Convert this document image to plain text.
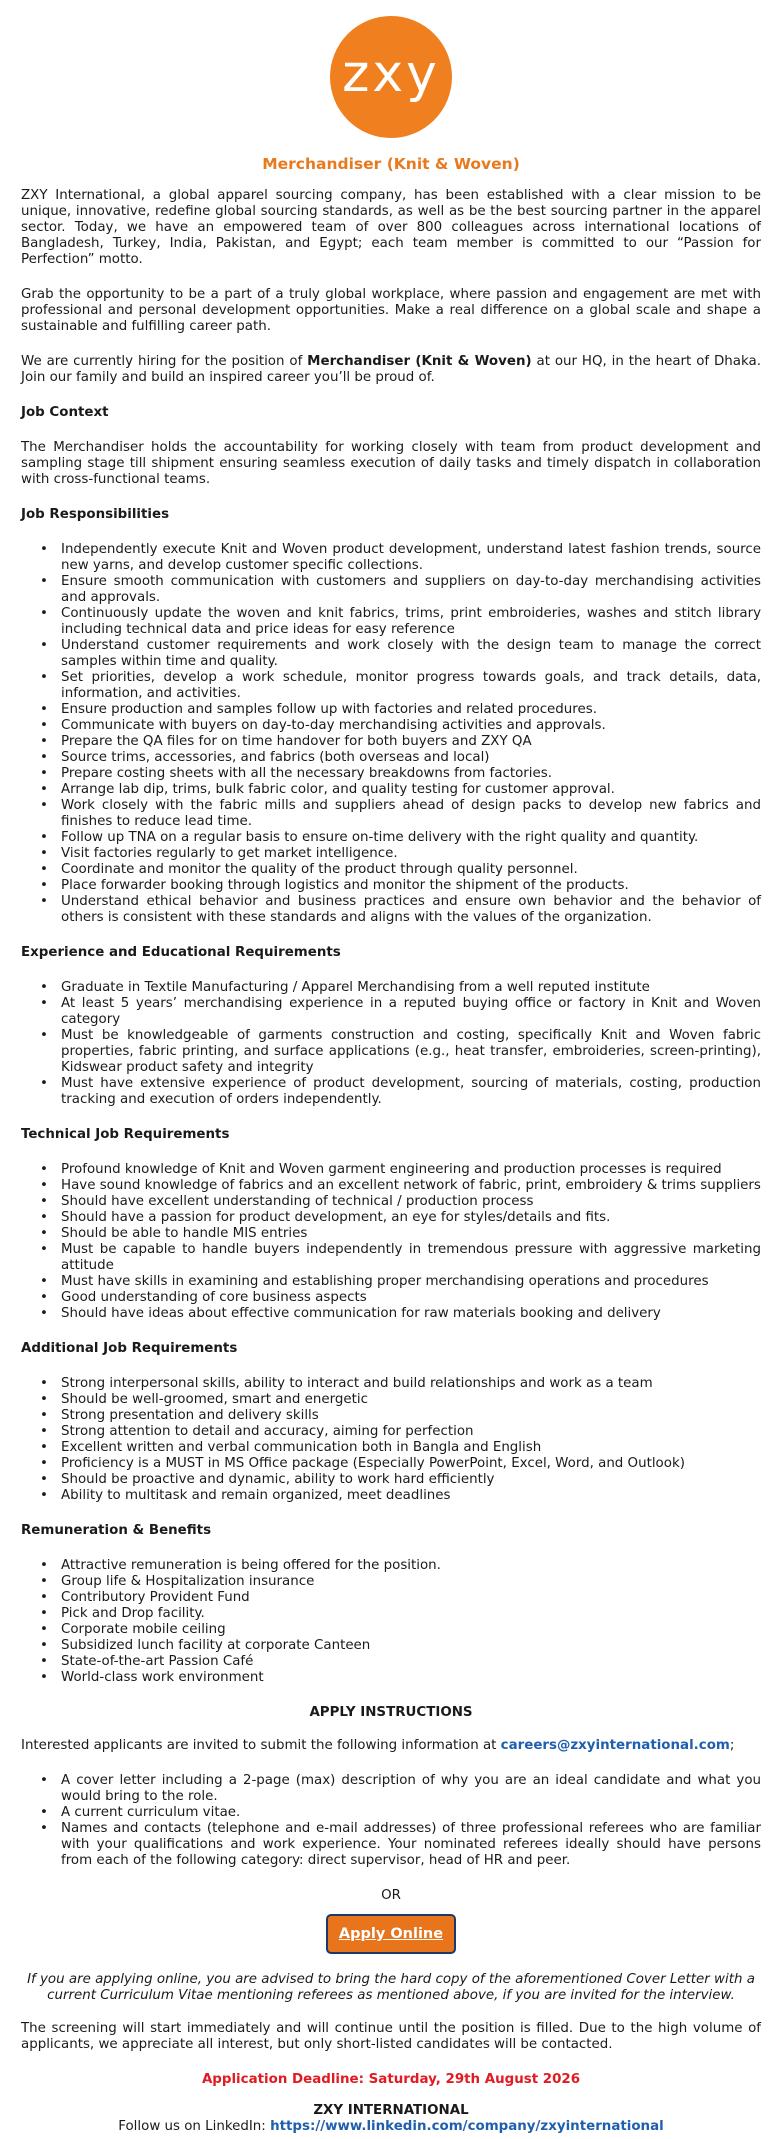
zxy
Merchandiser (Knit & Woven)

ZXY International, a global apparel sourcing company, has been established with a clear mission to be unique, innovative, redefine global sourcing standards, as well as be the best sourcing partner in the apparel sector. Today, we have an empowered team of over 800 colleagues across international locations of Bangladesh, Turkey, India, Pakistan, and Egypt; each team member is committed to our “Passion for Perfection” motto.

Grab the opportunity to be a part of a truly global workplace, where passion and engagement are met with professional and personal development opportunities. Make a real difference on a global scale and shape a sustainable and fulfilling career path.

We are currently hiring for the position of Merchandiser (Knit & Woven) at our HQ, in the heart of Dhaka. Join our family and build an inspired career you’ll be proud of.

Job Context

The Merchandiser holds the accountability for working closely with team from product development and sampling stage till shipment ensuring seamless execution of daily tasks and timely dispatch in collaboration with cross-functional teams.

Job Responsibilities
• Independently execute Knit and Woven product development, understand latest fashion trends, source new yarns, and develop customer specific collections.
• Ensure smooth communication with customers and suppliers on day-to-day merchandising activities and approvals.
• Continuously update the woven and knit fabrics, trims, print embroideries, washes and stitch library including technical data and price ideas for easy reference
• Understand customer requirements and work closely with the design team to manage the correct samples within time and quality.
• Set priorities, develop a work schedule, monitor progress towards goals, and track details, data, information, and activities.
• Ensure production and samples follow up with factories and related procedures.
• Communicate with buyers on day-to-day merchandising activities and approvals.
• Prepare the QA files for on time handover for both buyers and ZXY QA
• Source trims, accessories, and fabrics (both overseas and local)
• Prepare costing sheets with all the necessary breakdowns from factories.
• Arrange lab dip, trims, bulk fabric color, and quality testing for customer approval.
• Work closely with the fabric mills and suppliers ahead of design packs to develop new fabrics and finishes to reduce lead time.
• Follow up TNA on a regular basis to ensure on-time delivery with the right quality and quantity.
• Visit factories regularly to get market intelligence.
• Coordinate and monitor the quality of the product through quality personnel.
• Place forwarder booking through logistics and monitor the shipment of the products.
• Understand ethical behavior and business practices and ensure own behavior and the behavior of others is consistent with these standards and aligns with the values of the organization.
Experience and Educational Requirements
• Graduate in Textile Manufacturing / Apparel Merchandising from a well reputed institute
• At least 5 years’ merchandising experience in a reputed buying office or factory in Knit and Woven category
• Must be knowledgeable of garments construction and costing, specifically Knit and Woven fabric properties, fabric printing, and surface applications (e.g., heat transfer, embroideries, screen-printing), Kidswear product safety and integrity
• Must have extensive experience of product development, sourcing of materials, costing, production tracking and execution of orders independently.
Technical Job Requirements
• Profound knowledge of Knit and Woven garment engineering and production processes is required
• Have sound knowledge of fabrics and an excellent network of fabric, print, embroidery & trims suppliers
• Should have excellent understanding of technical / production process
• Should have a passion for product development, an eye for styles/details and fits.
• Should be able to handle MIS entries
• Must be capable to handle buyers independently in tremendous pressure with aggressive marketing attitude
• Must have skills in examining and establishing proper merchandising operations and procedures
• Good understanding of core business aspects
• Should have ideas about effective communication for raw materials booking and delivery
Additional Job Requirements
• Strong interpersonal skills, ability to interact and build relationships and work as a team
• Should be well-groomed, smart and energetic
• Strong presentation and delivery skills
• Strong attention to detail and accuracy, aiming for perfection
• Excellent written and verbal communication both in Bangla and English
• Proficiency is a MUST in MS Office package (Especially PowerPoint, Excel, Word, and Outlook)
• Should be proactive and dynamic, ability to work hard efficiently
• Ability to multitask and remain organized, meet deadlines
Remuneration & Benefits
• Attractive remuneration is being offered for the position.
• Group life & Hospitalization insurance
• Contributory Provident Fund
• Pick and Drop facility.
• Corporate mobile ceiling
• Subsidized lunch facility at corporate Canteen
• State-of-the-art Passion Café
• World-class work environment
APPLY INSTRUCTIONS

Interested applicants are invited to submit the following information at careers@zxyinternational.com;

• A cover letter including a 2-page (max) description of why you are an ideal candidate and what you would bring to the role.
• A current curriculum vitae.
• Names and contacts (telephone and e-mail addresses) of three professional referees who are familiar with your qualifications and work experience. Your nominated referees ideally should have persons from each of the following category: direct supervisor, head of HR and peer.
OR
Apply Online

If you are applying online, you are advised to bring the hard copy of the aforementioned Cover Letter with a current Curriculum Vitae mentioning referees as mentioned above, if you are invited for the interview.

The screening will start immediately and will continue until the position is filled. Due to the high volume of applicants, we appreciate all interest, but only short-listed candidates will be contacted.

Application Deadline: Saturday, 29th August 2026
ZXY INTERNATIONAL
Follow us on LinkedIn: https://www.linkedin.com/company/zxyinternational
